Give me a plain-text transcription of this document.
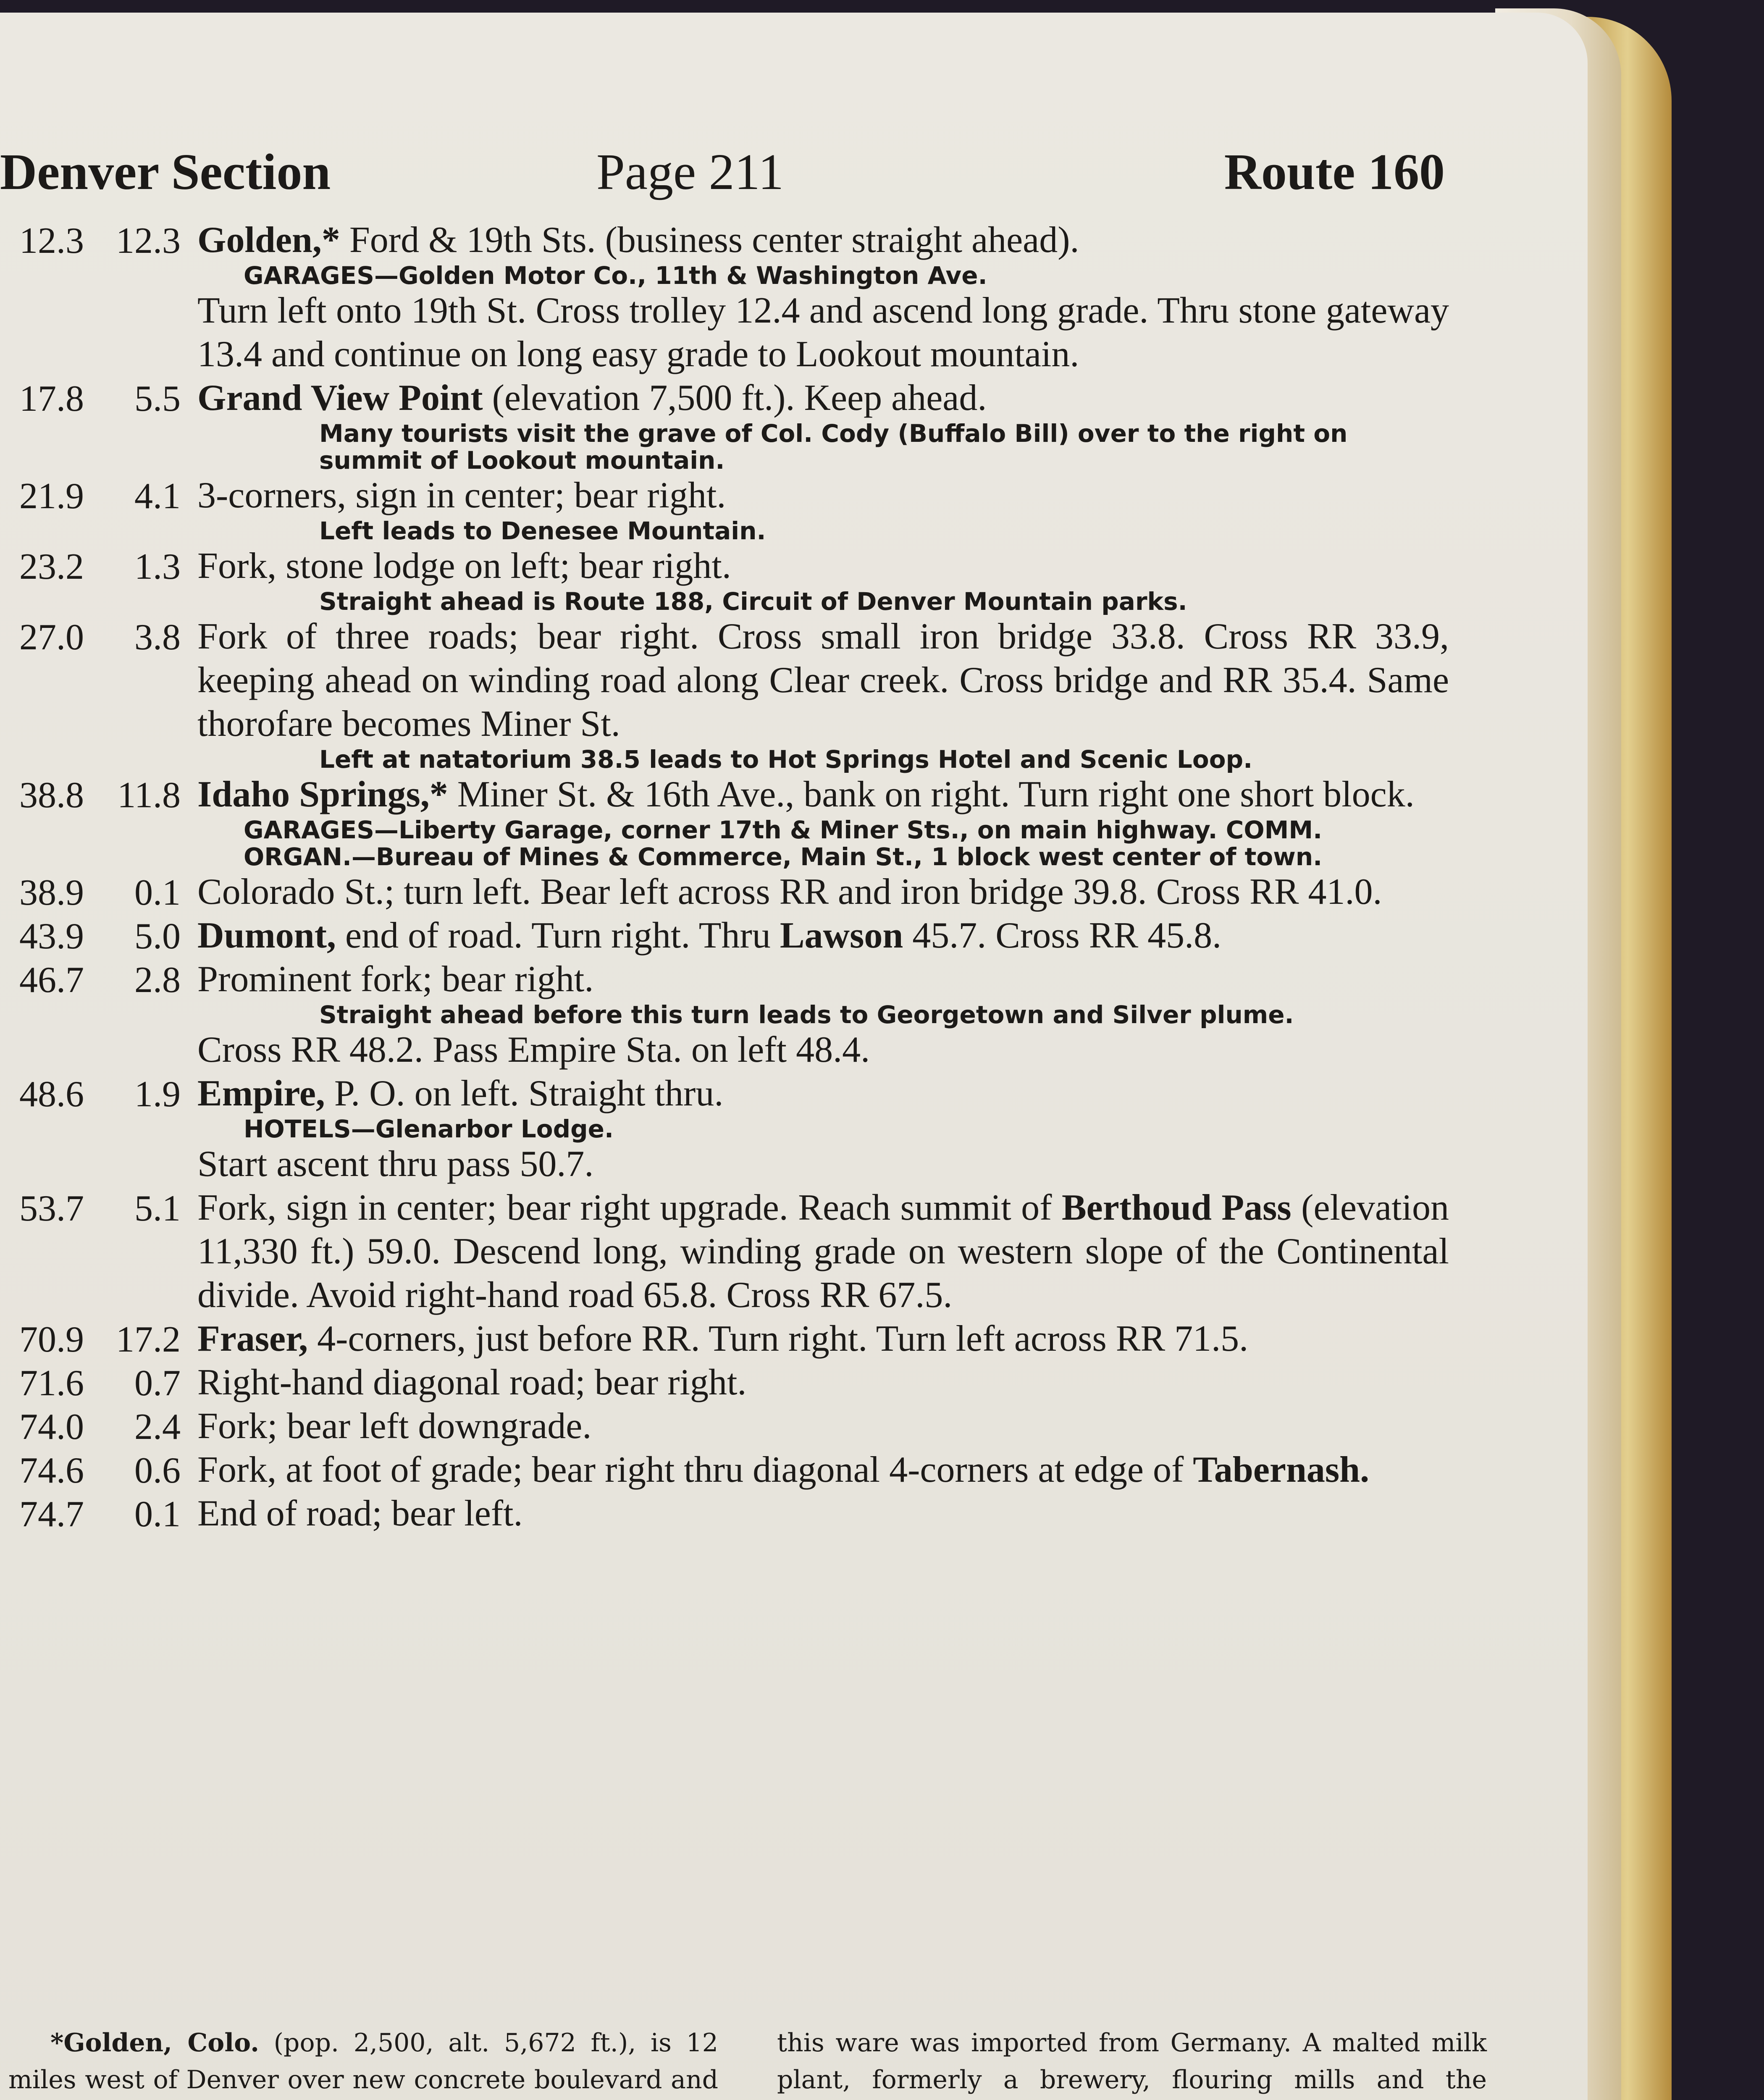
Denver Section	Page 211	Route 160
12.3 12.3 Golden,* Ford & 19th Sts. (business center straight ahead).
GARAGES—Golden Motor Co., 11th & Washington Ave.
Turn left onto 19th St. Cross trolley 12.4 and ascend long grade. Thru stone gateway 13.4 and continue on long easy grade to Lookout mountain.
17.8	5.5 Grand View Point (elevation 7,500 ft.). Keep ahead.
Many tourists visit the grave of Col. Cody (Buffalo Bill) over to the right on summit of Lookout mountain.
21.9	4.1 3-corners, sign in center; bear right.
Left leads to Denesee Mountain.
23.2	1.3 Fork, stone lodge on left; bear right.
Straight ahead is Route 188, Circuit of Denver Mountain parks.
27.0	3.8 Fork of three roads; bear right. Cross small iron bridge 33.8. Cross RR 33.9, keeping ahead on winding road along Clear creek. Cross bridge and RR 35.4. Same thorofare becomes Miner St.
Left at natatorium 38.5 leads to Hot Springs Hotel and Scenic Loop.
38.8 11.8 Idaho Springs,* Miner St. & 16th Ave., bank on right. Turn right one short block.
GARAGES—Liberty Garage, corner 17th & Miner Sts., on main highway. COMM. ORGAN.—Bureau of Mines & Commerce, Main St., 1 block west center of town.
38.9	0.1 Colorado St.; turn left. Bear left across RR and iron bridge 39.8. Cross RR 41.0.
43.9	5.0 Dumont, end of road. Turn right. Thru Lawson 45.7. Cross RR 45.8.
46.7	2.8 Prominent fork; bear right.
Straight ahead before this turn leads to Georgetown and Silver plume.
Cross RR 48.2. Pass Empire Sta. on left 48.4.
48.6	1.9 Empire, P. O. on left. Straight thru.
HOTELS—Glenarbor Lodge.
Start ascent thru pass 50.7.
53.7	5.1 Fork, sign in center; bear right upgrade. Reach summit of Berthoud Pass (elevation 11,330 ft.) 59.0. Descend long, winding grade on western slope of the Continental divide. Avoid right-hand road 65.8. Cross RR 67.5.
70.9 17.2 Fraser, 4-corners, just before RR. Turn right. Turn left across RR 71.5.
71.6	0.7 Right-hand diagonal road; bear right.
74.0	2.4 Fork; bear left downgrade.
74.6	0.6 Fork, at foot of grade; bear right thru diagonal 4-corners at edge of Tabernash.
74.7	0.1 End of road; bear left.

*Golden, Colo. (pop. 2,500, alt. 5,672 ft.), is 12 miles west of Denver over new concrete boulevard and

this ware was imported from Germany. A malted milk plant, formerly a brewery, flouring mills and the
